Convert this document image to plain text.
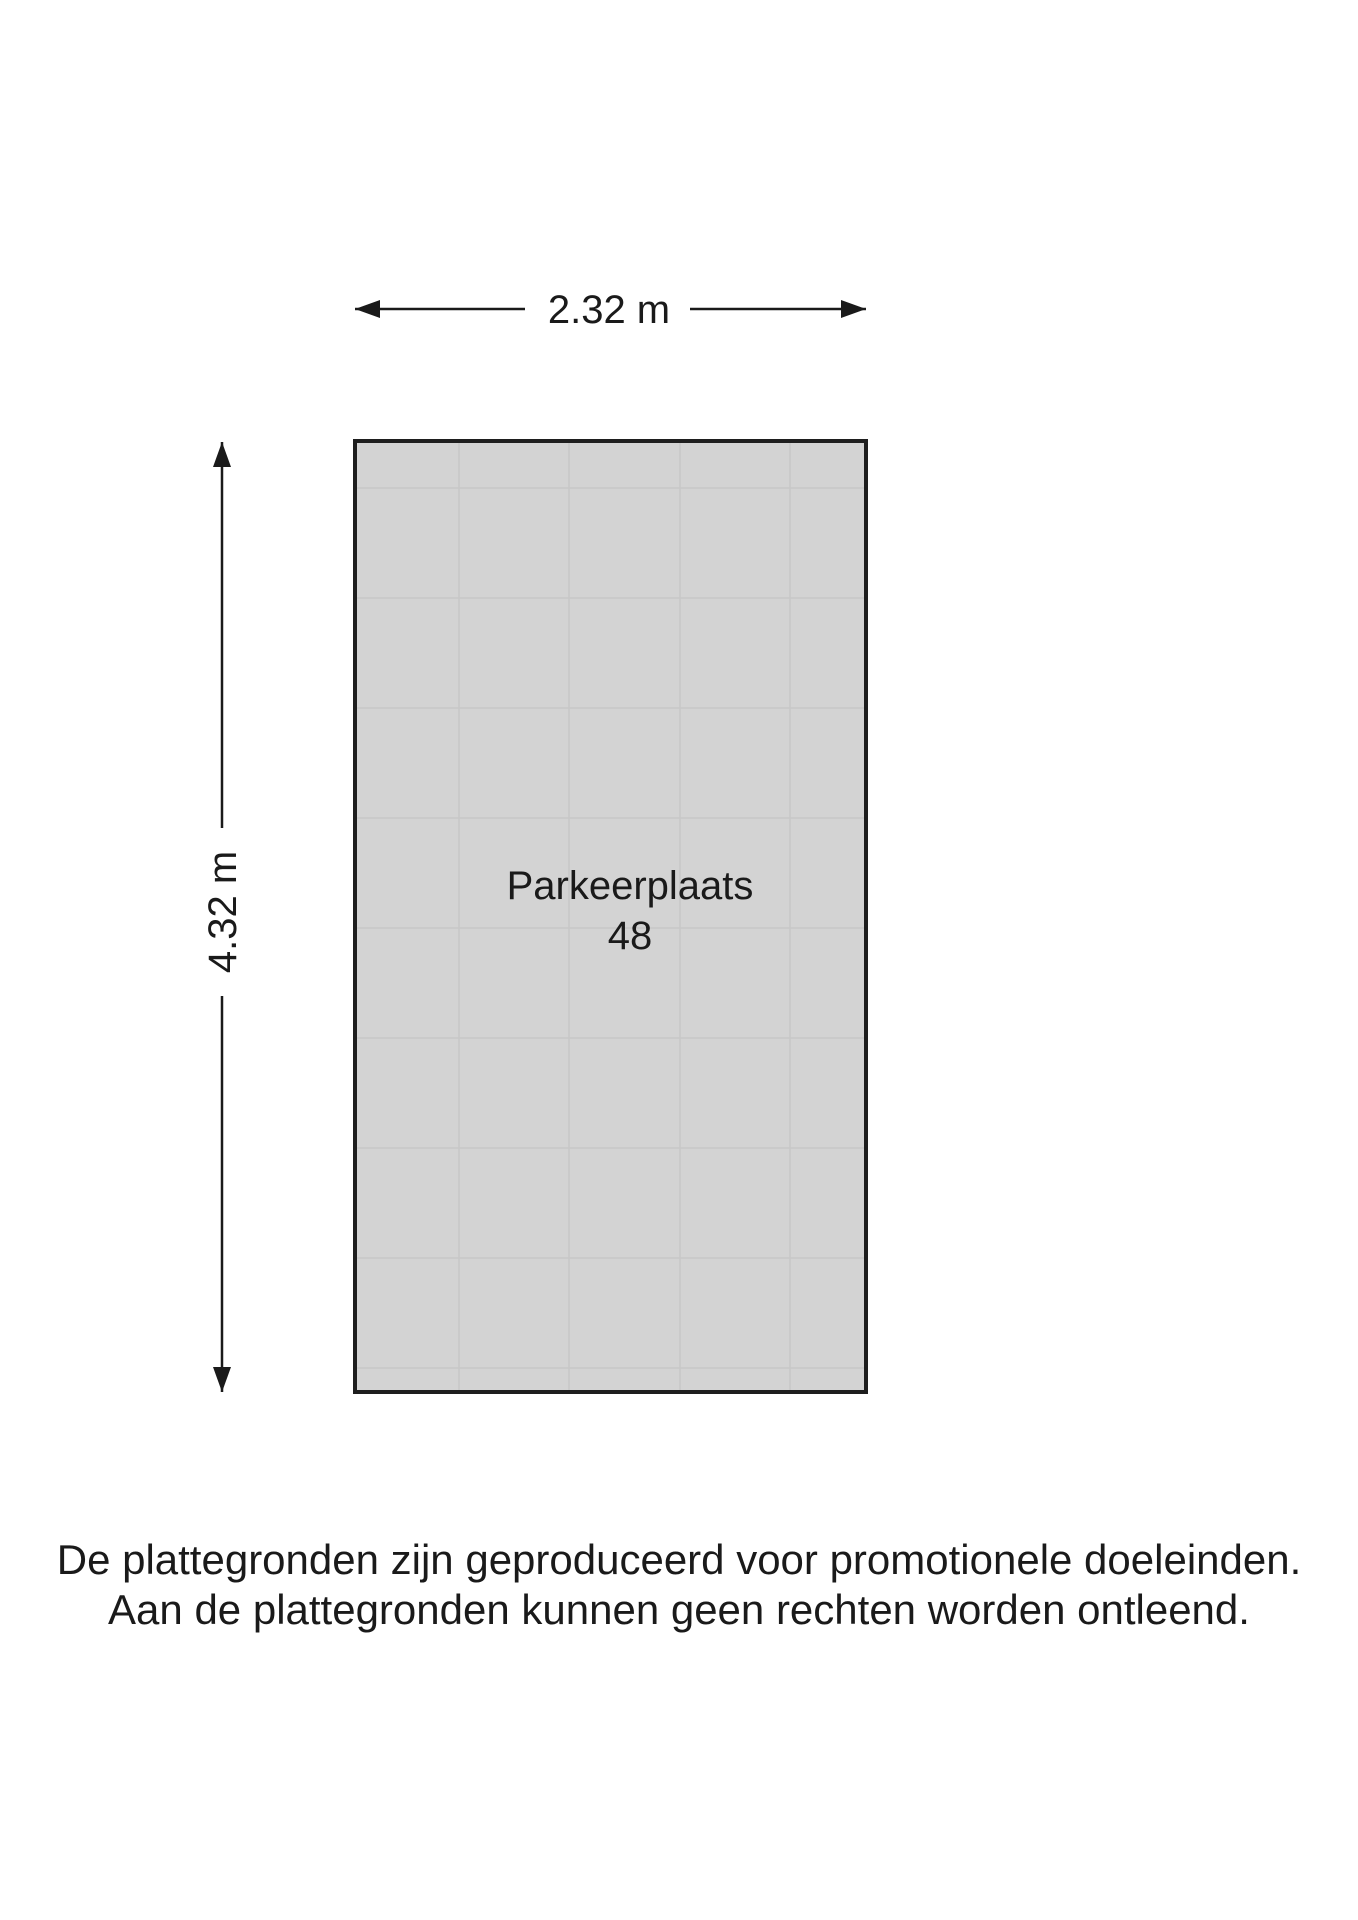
2.32 m
4.32 m	Parkeerplaats
48
De plattegronden zijn geproduceerd voor promotionele doeleinden.
Aan de plattegronden kunnen geen rechten worden ontleend.
